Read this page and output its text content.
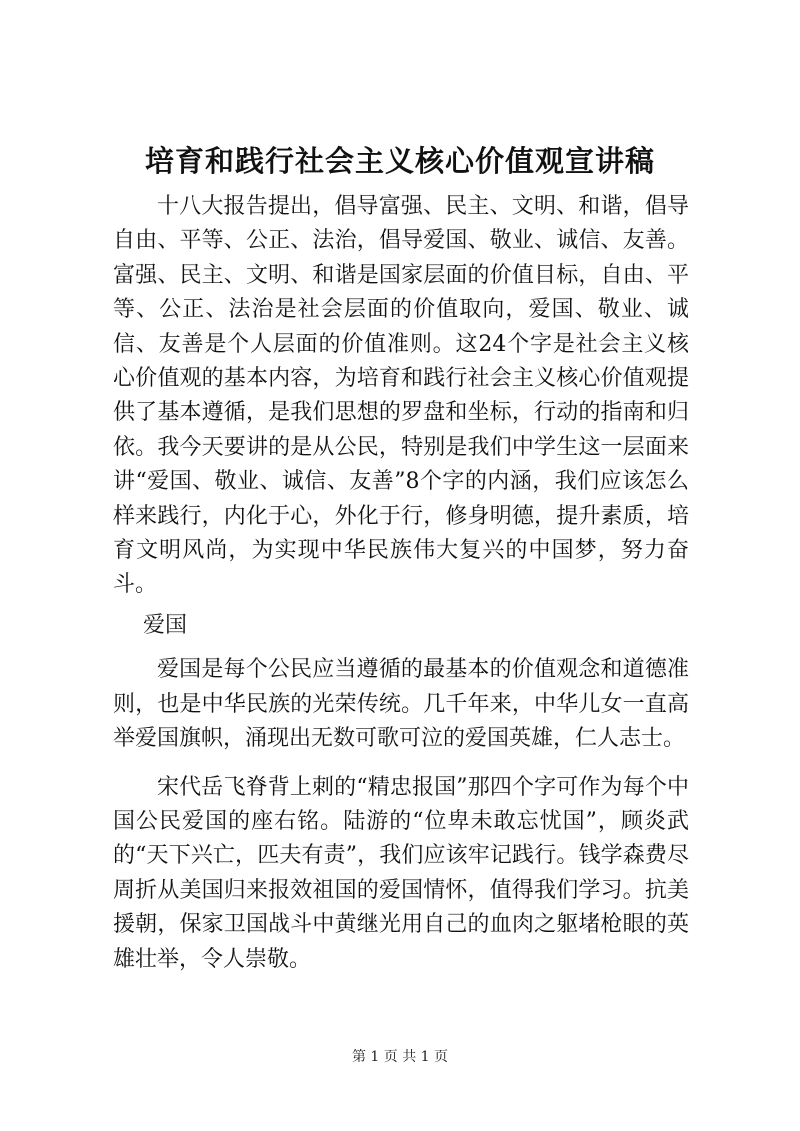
培育和践行社会主义核心价值观宣讲稿

十八大报告提出，倡导富强、民主、文明、和谐，倡导自由、平等、公正、法治，倡导爱国、敬业、诚信、友善。富强、民主、文明、和谐是国家层面的价值目标，自由、平等、公正、法治是社会层面的价值取向，爱国、敬业、诚信、友善是个人层面的价值准则。这24个字是社会主义核心价值观的基本内容，为培育和践行社会主义核心价值观提供了基本遵循，是我们思想的罗盘和坐标，行动的指南和归依。我今天要讲的是从公民，特别是我们中学生这一层面来讲“爱国、敬业、诚信、友善”8个字的内涵，我们应该怎么样来践行，内化于心，外化于行，修身明德，提升素质，培育文明风尚，为实现中华民族伟大复兴的中国梦，努力奋斗。

爱国

爱国是每个公民应当遵循的最基本的价值观念和道德准则，也是中华民族的光荣传统。几千年来，中华儿女一直高举爱国旗帜，涌现出无数可歌可泣的爱国英雄，仁人志士。

宋代岳飞脊背上刺的“精忠报国”那四个字可作为每个中国公民爱国的座右铭。陆游的“位卑未敢忘忧国”，顾炎武的“天下兴亡，匹夫有责”，我们应该牢记践行。钱学森费尽周折从美国归来报效祖国的爱国情怀，值得我们学习。抗美援朝，保家卫国战斗中黄继光用自己的血肉之躯堵枪眼的英雄壮举，令人崇敬。

第 1 页 共 1 页
